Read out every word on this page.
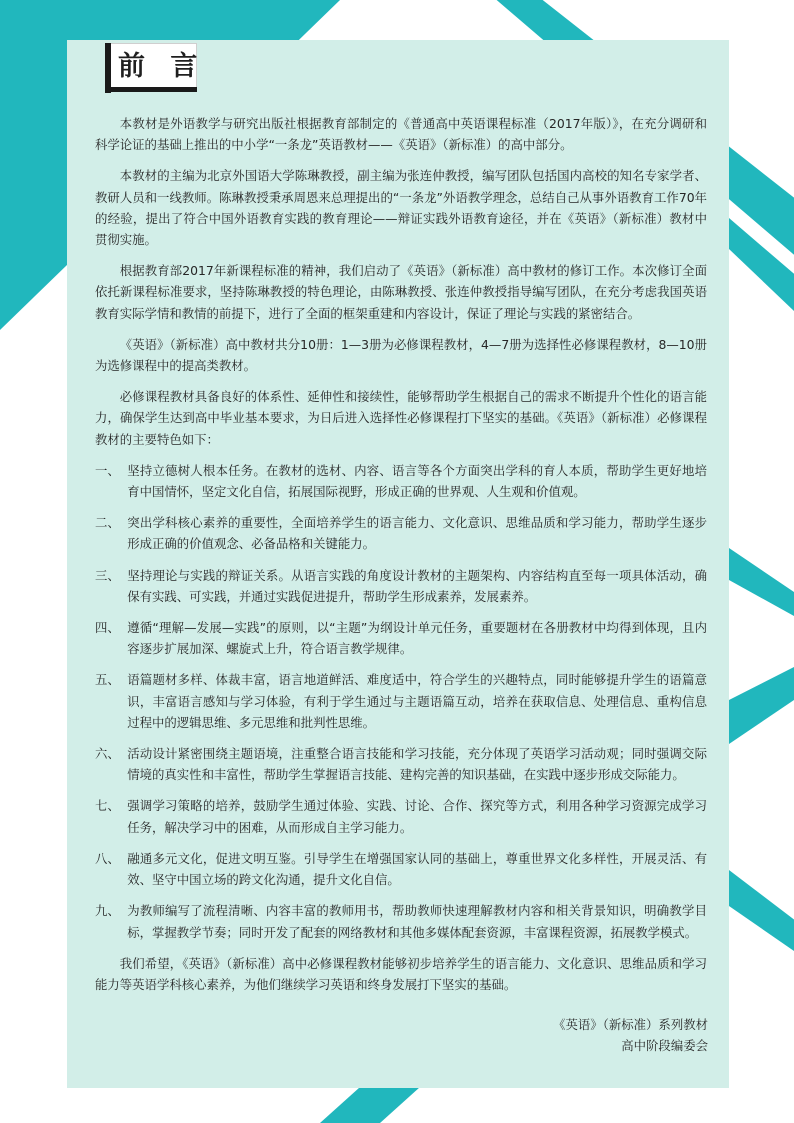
前 言

本教材是外语教学与研究出版社根据教育部制定的《普通高中英语课程标准（2017年版）》，在充分调研和科学论证的基础上推出的中小学“一条龙”英语教材——《英语》（新标准）的高中部分。

本教材的主编为北京外国语大学陈琳教授，副主编为张连仲教授，编写团队包括国内高校的知名专家学者、教研人员和一线教师。陈琳教授秉承周恩来总理提出的“一条龙”外语教学理念，总结自己从事外语教育工作70年的经验，提出了符合中国外语教育实践的教育理论——辩证实践外语教育途径，并在《英语》（新标准）教材中贯彻实施。

根据教育部2017年新课程标准的精神，我们启动了《英语》（新标准）高中教材的修订工作。本次修订全面依托新课程标准要求，坚持陈琳教授的特色理论，由陈琳教授、张连仲教授指导编写团队，在充分考虑我国英语教育实际学情和教情的前提下，进行了全面的框架重建和内容设计，保证了理论与实践的紧密结合。

《英语》（新标准）高中教材共分10册：1—3册为必修课程教材，4—7册为选择性必修课程教材，8—10册为选修课程中的提高类教材。

必修课程教材具备良好的体系性、延伸性和接续性，能够帮助学生根据自己的需求不断提升个性化的语言能力，确保学生达到高中毕业基本要求，为日后进入选择性必修课程打下坚实的基础。《英语》（新标准）必修课程教材的主要特色如下：

一、 坚持立德树人根本任务。在教材的选材、内容、语言等各个方面突出学科的育人本质，帮助学生更好地培育中国情怀，坚定文化自信，拓展国际视野，形成正确的世界观、人生观和价值观。
二、 突出学科核心素养的重要性，全面培养学生的语言能力、文化意识、思维品质和学习能力，帮助学生逐步形成正确的价值观念、必备品格和关键能力。
三、 坚持理论与实践的辩证关系。从语言实践的角度设计教材的主题架构、内容结构直至每一项具体活动，确保有实践、可实践，并通过实践促进提升，帮助学生形成素养，发展素养。
四、 遵循“理解—发展—实践”的原则，以“主题”为纲设计单元任务，重要题材在各册教材中均得到体现，且内容逐步扩展加深、螺旋式上升，符合语言教学规律。
五、 语篇题材多样、体裁丰富，语言地道鲜活、难度适中，符合学生的兴趣特点，同时能够提升学生的语篇意识，丰富语言感知与学习体验，有利于学生通过与主题语篇互动，培养在获取信息、处理信息、重构信息过程中的逻辑思维、多元思维和批判性思维。
六、 活动设计紧密围绕主题语境，注重整合语言技能和学习技能，充分体现了英语学习活动观；同时强调交际情境的真实性和丰富性，帮助学生掌握语言技能、建构完善的知识基础，在实践中逐步形成交际能力。
七、 强调学习策略的培养，鼓励学生通过体验、实践、讨论、合作、探究等方式，利用各种学习资源完成学习任务，解决学习中的困难，从而形成自主学习能力。
八、 融通多元文化，促进文明互鉴。引导学生在增强国家认同的基础上，尊重世界文化多样性，开展灵活、有效、坚守中国立场的跨文化沟通，提升文化自信。
九、 为教师编写了流程清晰、内容丰富的教师用书，帮助教师快速理解教材内容和相关背景知识，明确教学目标，掌握教学节奏；同时开发了配套的网络教材和其他多媒体配套资源，丰富课程资源，拓展教学模式。

我们希望，《英语》（新标准）高中必修课程教材能够初步培养学生的语言能力、文化意识、思维品质和学习能力等英语学科核心素养，为他们继续学习英语和终身发展打下坚实的基础。

《英语》（新标准）系列教材
高中阶段编委会
